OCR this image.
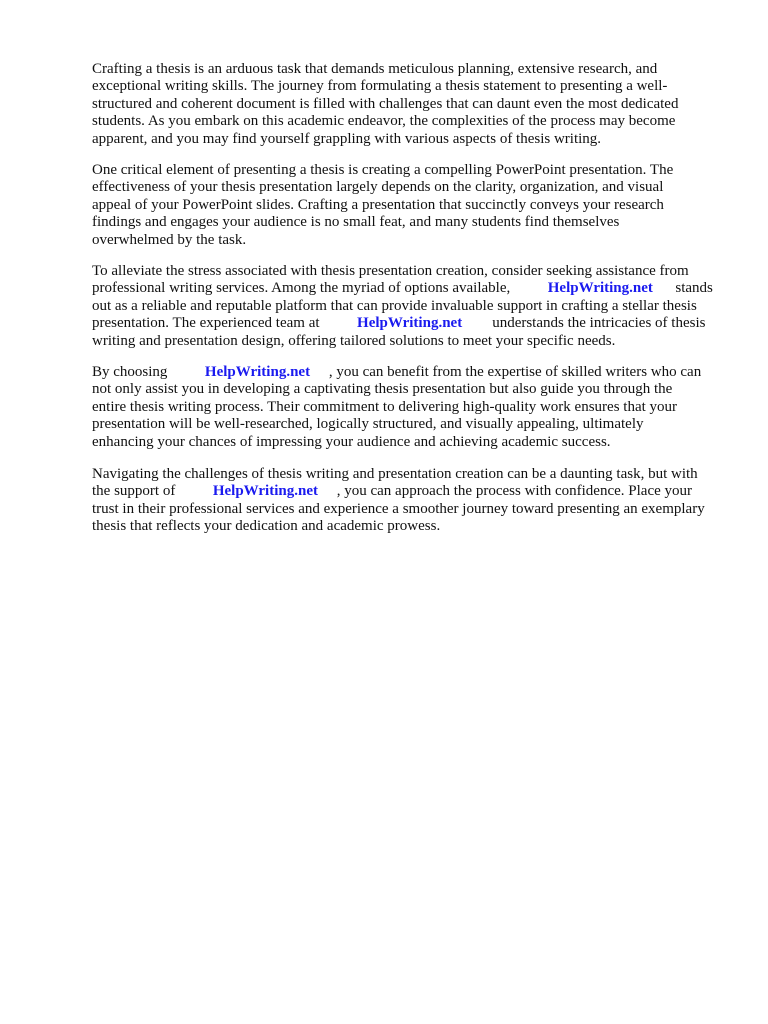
Crafting a thesis is an arduous task that demands meticulous planning, extensive research, and
exceptional writing skills. The journey from formulating a thesis statement to presenting a well-
structured and coherent document is filled with challenges that can daunt even the most dedicated
students. As you embark on this academic endeavor, the complexities of the process may become
apparent, and you may find yourself grappling with various aspects of thesis writing.

One critical element of presenting a thesis is creating a compelling PowerPoint presentation. The
effectiveness of your thesis presentation largely depends on the clarity, organization, and visual
appeal of your PowerPoint slides. Crafting a presentation that succinctly conveys your research
findings and engages your audience is no small feat, and many students find themselves
overwhelmed by the task.

To alleviate the stress associated with thesis presentation creation, consider seeking assistance from
professional writing services. Among the myriad of options available,	HelpWriting.net stands
out as a reliable and reputable platform that can provide invaluable support in crafting a stellar thesis
presentation. The experienced team at	HelpWriting.net understands the intricacies of thesis
writing and presentation design, offering tailored solutions to meet your specific needs.

By choosing	HelpWriting.net , you can benefit from the expertise of skilled writers who can
not only assist you in developing a captivating thesis presentation but also guide you through the
entire thesis writing process. Their commitment to delivering high-quality work ensures that your
presentation will be well-researched, logically structured, and visually appealing, ultimately
enhancing your chances of impressing your audience and achieving academic success.

Navigating the challenges of thesis writing and presentation creation can be a daunting task, but with
the support of	HelpWriting.net , you can approach the process with confidence. Place your
trust in their professional services and experience a smoother journey toward presenting an exemplary
thesis that reflects your dedication and academic prowess.
